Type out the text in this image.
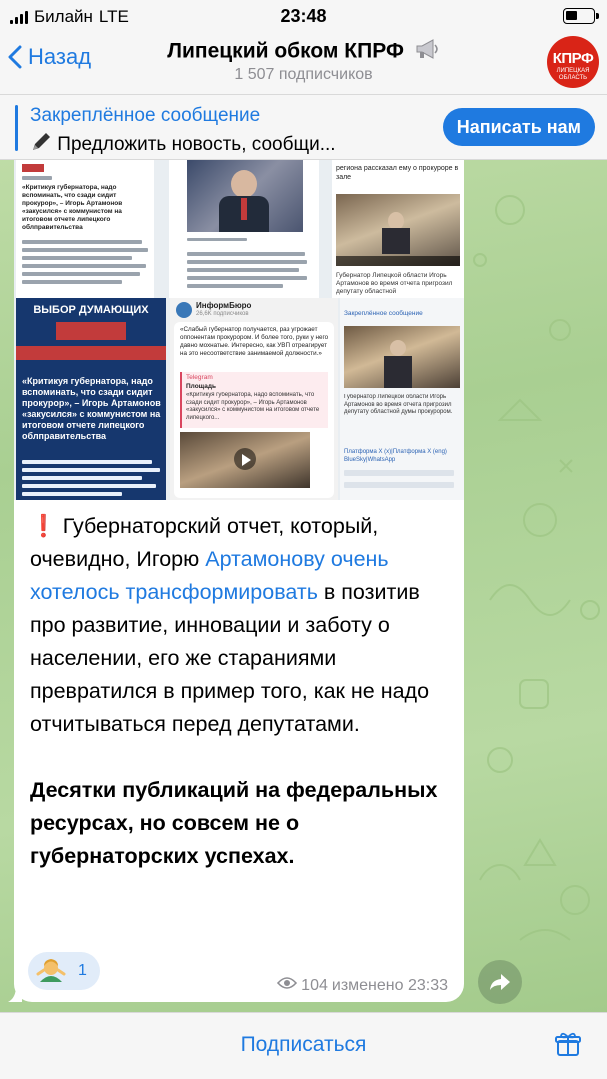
Билайн LTE	23:48
Назад	Липецкий обком КПРФ
1 507 подписчиков
КПРФ
ЛИПЕЦКАЯ ОБЛАСТЬ
Закреплённое сообщение
Предложить новость, сообщи...
Написать нам
«Критикуя губернатора, надо вспоминать, что сзади сидит прокурор», – Игорь Артамонов «закусился» с коммунистом на итоговом отчете липецкого облправительства
региона рассказал ему о прокуроре в зале
Губернатор Липецкой области Игорь Артамонов во время отчета пригрозил депутату областной
ВЫБОР ДУМАЮЩИХ
«Критикуя губернатора, надо вспоминать, что сзади сидит прокурор», – Игорь Артамонов «закусился» с коммунистом на итоговом отчете липецкого облправительства
ИнформБюро
26,6K подписчиков
«Слабый губернатор получается, раз угрожает оппонентам прокурором. И более того, руки у него давно мохнатые. Интересно, как УВП отреагирует на это несоответствие занимаемой должности.»
Telegram
Площадь
«Критикуя губернатора, надо вспоминать, что сзади сидит прокурор», – Игорь Артамонов «закусился» с коммунистом на итоговом отчете липецкого...
Закреплённое сообщение
Губернатор Липецкой области Игорь Артамонов во время отчета пригрозил депутату областной думы прокурором.
Платформа X (x)|Платформа X (eng) BlueSky|WhatsApp
❗ Губернаторский отчет, который, очевидно, Игорю Артамонову очень хотелось трансформировать в позитив про развитие, инновации и заботу о населении, его же стараниями превратился в пример того, как не надо отчитываться перед депутатами.
Десятки публикаций на федеральных ресурсах, но совсем не о губернаторских успехах.
1
104 изменено 23:33
Подписаться
